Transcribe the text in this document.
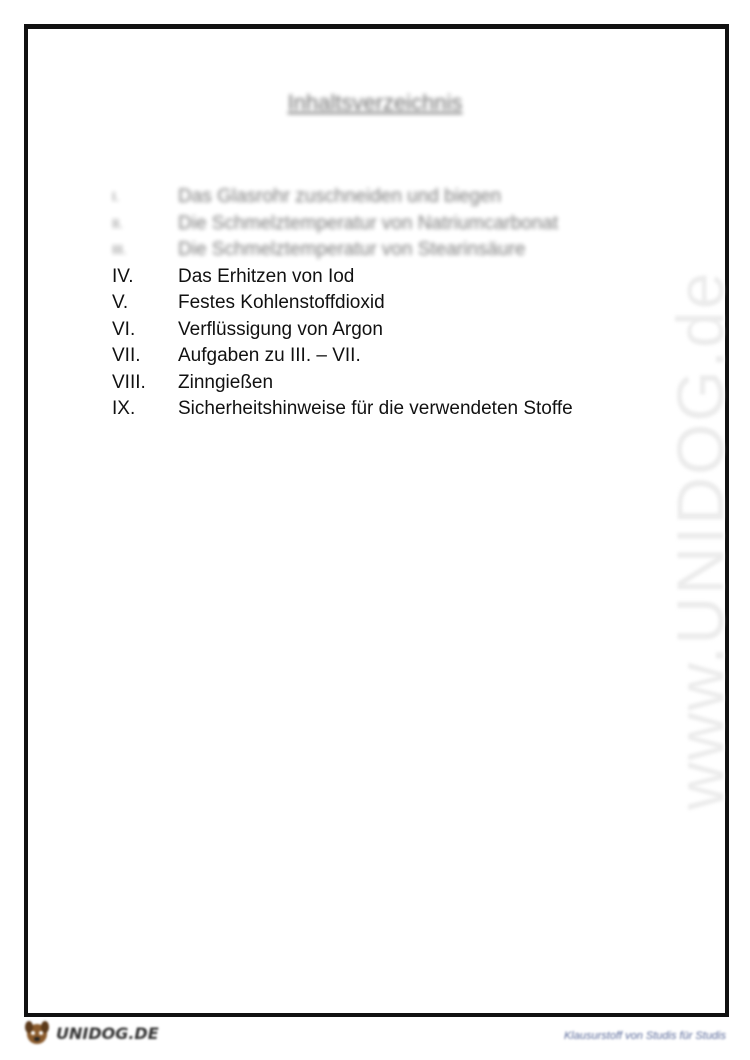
www.UNIDOG.de
Inhaltsverzeichnis
I.	Das Glasrohr zuschneiden und biegen
II.	Die Schmelztemperatur von Natriumcarbonat
III.	Die Schmelztemperatur von Stearinsäure
IV.	Das Erhitzen von Iod
V.	Festes Kohlenstoffdioxid
VI.	Verflüssigung von Argon
VII.	Aufgaben zu III. – VII.
VIII.	Zinngießen
IX.	Sicherheitshinweise für die verwendeten Stoffe
UNIDOG.DE	Klausurstoff von Studis für Studis
